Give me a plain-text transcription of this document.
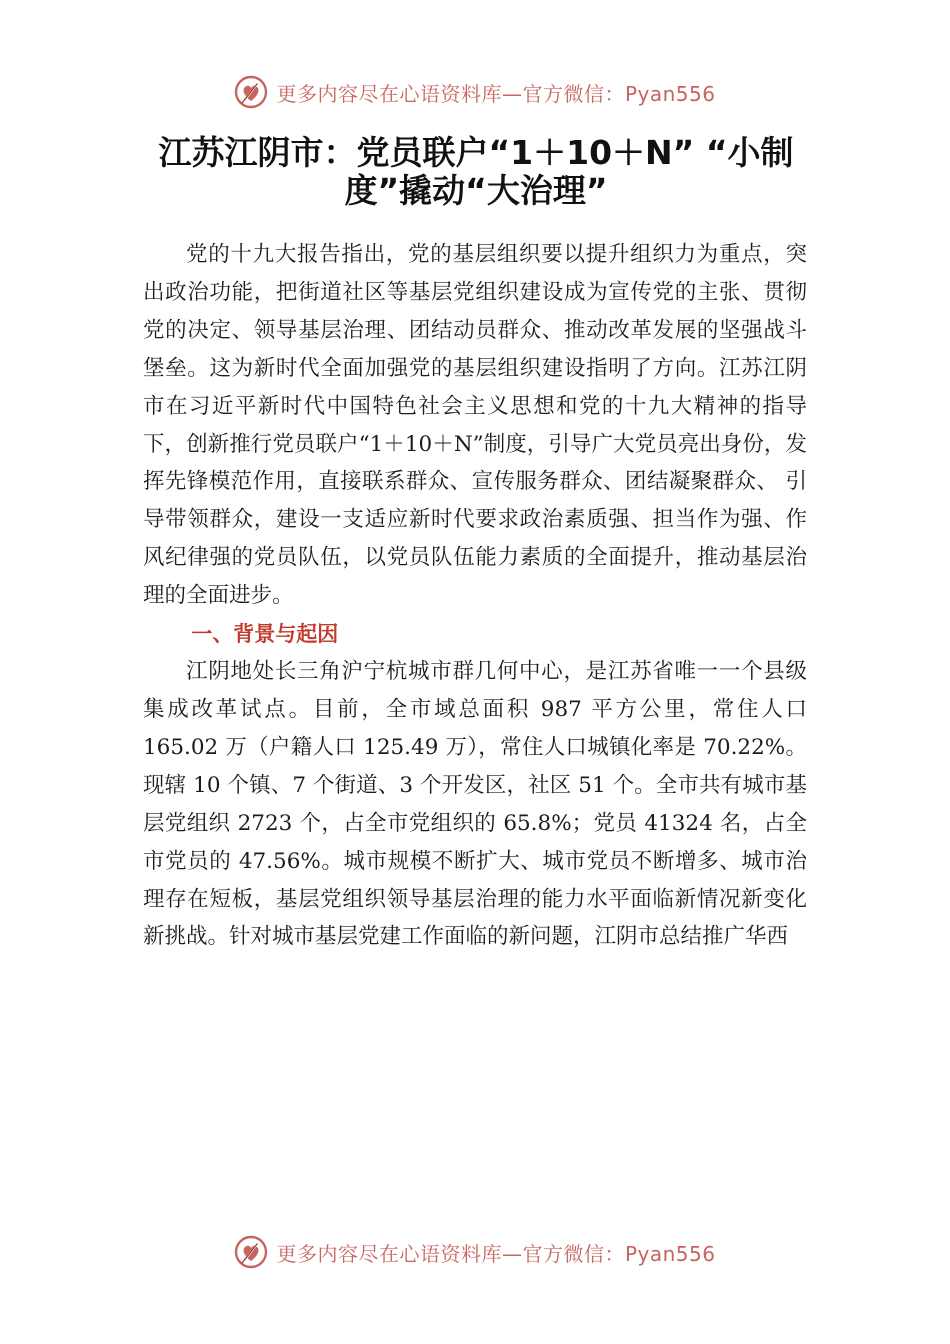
更多内容尽在心语资料库—官方微信：Pyan556
江苏江阴市：党员联户“1＋10＋N” “小制度”撬动“大治理”

党的十九大报告指出，党的基层组织要以提升组织力为重点，突出政治功能，把街道社区等基层党组织建设成为宣传党的主张、贯彻党的决定、领导基层治理、团结动员群众、推动改革发展的坚强战斗堡垒。这为新时代全面加强党的基层组织建设指明了方向。江苏江阴市在习近平新时代中国特色社会主义思想和党的十九大精神的指导下，创新推行党员联户“1＋10＋N”制度，引导广大党员亮出身份，发挥先锋模范作用，直接联系群众、宣传服务群众、团结凝聚群众、 引导带领群众，建设一支适应新时代要求政治素质强、担当作为强、作风纪律强的党员队伍，以党员队伍能力素质的全面提升，推动基层治理的全面进步。

一、背景与起因

江阴地处长三角沪宁杭城市群几何中心，是江苏省唯一一个县级集成改革试点。目前，全市域总面积 987 平方公里，常住人口 165.02 万（户籍人口 125.49 万），常住人口城镇化率是 70.22%。现辖 10 个镇、7 个街道、3 个开发区，社区 51 个。全市共有城市基层党组织 2723 个，占全市党组织的 65.8%；党员 41324 名，占全市党员的 47.56%。城市规模不断扩大、城市党员不断增多、城市治理存在短板，基层党组织领导基层治理的能力水平面临新情况新变化新挑战。针对城市基层党建工作面临的新问题，江阴市总结推广华西

更多内容尽在心语资料库—官方微信：Pyan556
